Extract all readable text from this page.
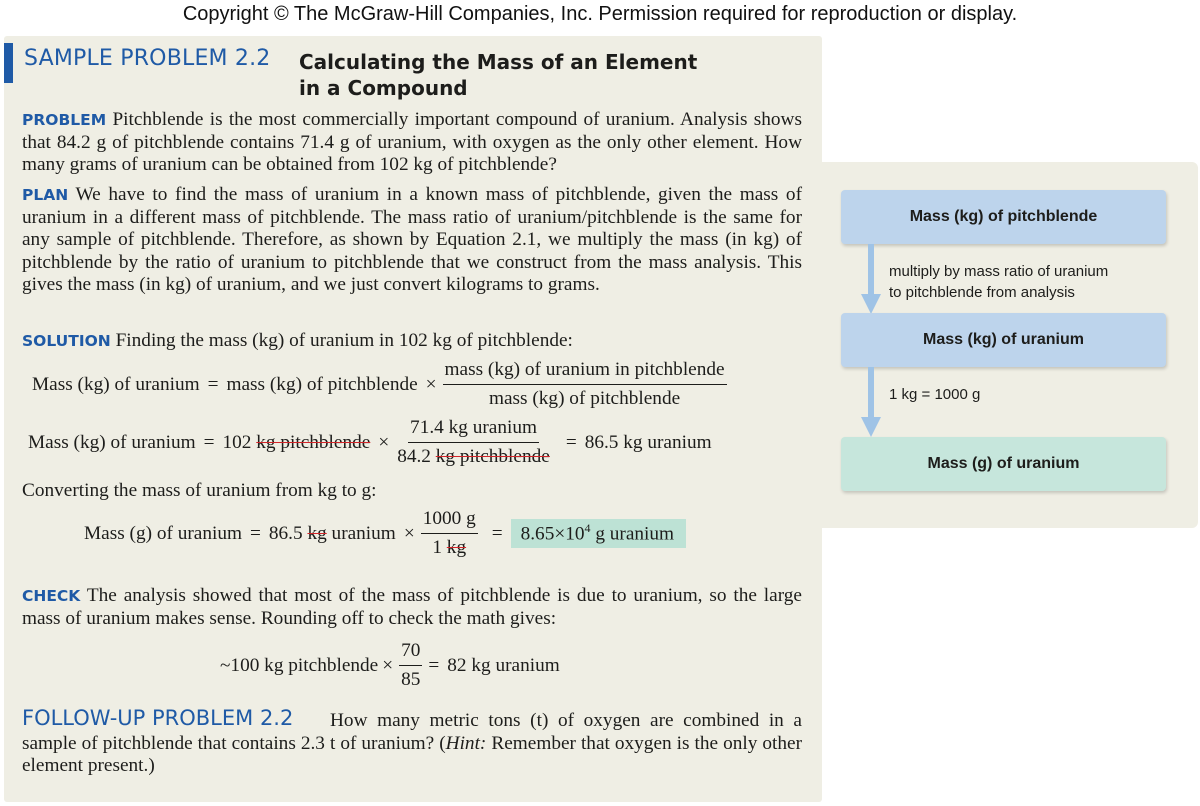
Copyright © The McGraw-Hill Companies, Inc. Permission required for reproduction or display.
SAMPLE PROBLEM 2.2 Calculating the Mass of an Element in a Compound
PROBLEM Pitchblende is the most commercially important compound of uranium. Analysis shows that 84.2 g of pitchblende contains 71.4 g of uranium, with oxygen as the only other element. How many grams of uranium can be obtained from 102 kg of pitchblende?
PLAN We have to find the mass of uranium in a known mass of pitchblende, given the mass of uranium in a different mass of pitchblende. The mass ratio of uranium/pitchblende is the same for any sample of pitchblende. Therefore, as shown by Equation 2.1, we multiply the mass (in kg) of pitchblende by the ratio of uranium to pitchblende that we construct from the mass analysis. This gives the mass (in kg) of uranium, and we just convert kilograms to grams.
SOLUTION Finding the mass (kg) of uranium in 102 kg of pitchblende:
Mass (kg) of uranium = mass (kg) of pitchblende × $\frac{\text{mass (kg) of uranium in pitchblende}}{\text{mass (kg) of pitchblende}}$
Mass (kg) of uranium = 102
kg pitchblende × $\frac{\text{71.4 kg uranium}}{\text{84.2 kg pitchblende}} = 86.5$ kg uranium
Converting the mass of uranium from kg to g:
Mass (g) of uranium = 86.5
kg
uranium × $\frac{1000 g}{1 kg} = 8.65\times 10^4$ g uranium
CHECK The analysis showed that most of the mass of pitchblende is due to uranium, so the large mass of uranium makes sense. Rounding off to check the math gives:
~100 kg pitchblende × $\frac{70}{85} = 82$ kg uranium
FOLLOW-UP PROBLEM 2.2	How many metric tons (t) of oxygen are combined in a sample of pitchblende that contains 2.3 t of uranium? (Hint: Remember that oxygen is the only other element present.)
Mass (kg) of pitchblende
multiply by mass ratio of uranium
to pitchblende from analysis
Mass (kg) of uranium
1 kg = 1000 g
Mass (g) of uranium
